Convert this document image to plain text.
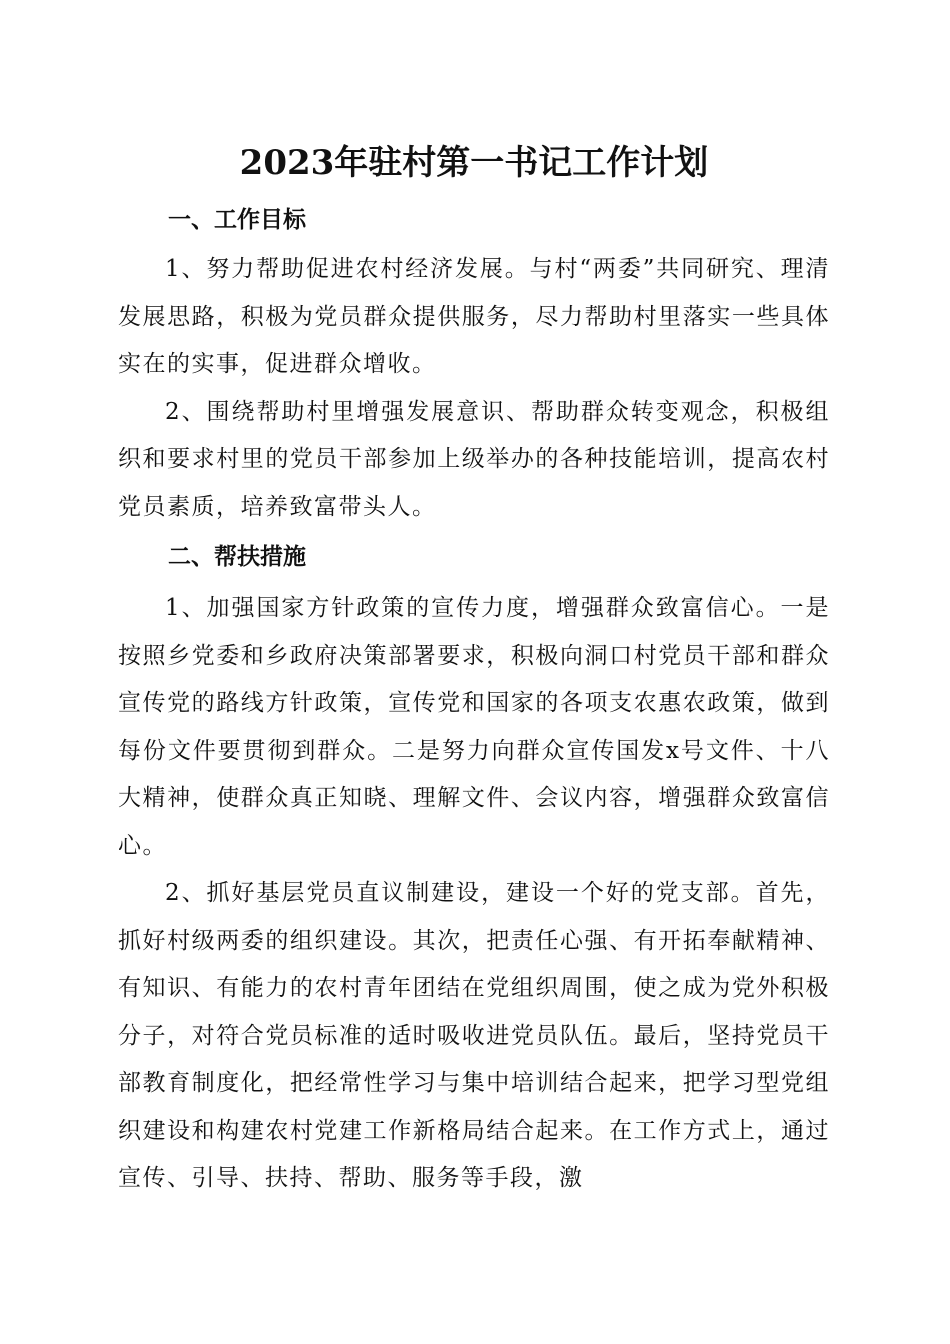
2023年驻村第一书记工作计划
一、工作目标

1、努力帮助促进农村经济发展。与村“两委”共同研究、理清发展思路，积极为党员群众提供服务，尽力帮助村里落实一些具体实在的实事，促进群众增收。

2、围绕帮助村里增强发展意识、帮助群众转变观念，积极组织和要求村里的党员干部参加上级举办的各种技能培训，提高农村党员素质，培养致富带头人。

二、帮扶措施

1、加强国家方针政策的宣传力度，增强群众致富信心。一是按照乡党委和乡政府决策部署要求，积极向洞口村党员干部和群众宣传党的路线方针政策，宣传党和国家的各项支农惠农政策，做到每份文件要贯彻到群众。二是努力向群众宣传国发x号文件、十八大精神，使群众真正知晓、理解文件、会议内容，增强群众致富信心。

2、抓好基层党员直议制建设，建设一个好的党支部。首先，抓好村级两委的组织建设。其次，把责任心强、有开拓奉献精神、有知识、有能力的农村青年团结在党组织周围，使之成为党外积极分子，对符合党员标准的适时吸收进党员队伍。最后，坚持党员干部教育制度化，把经常性学习与集中培训结合起来，把学习型党组织建设和构建农村党建工作新格局结合起来。在工作方式上，通过宣传、引导、扶持、帮助、服务等手段，激
